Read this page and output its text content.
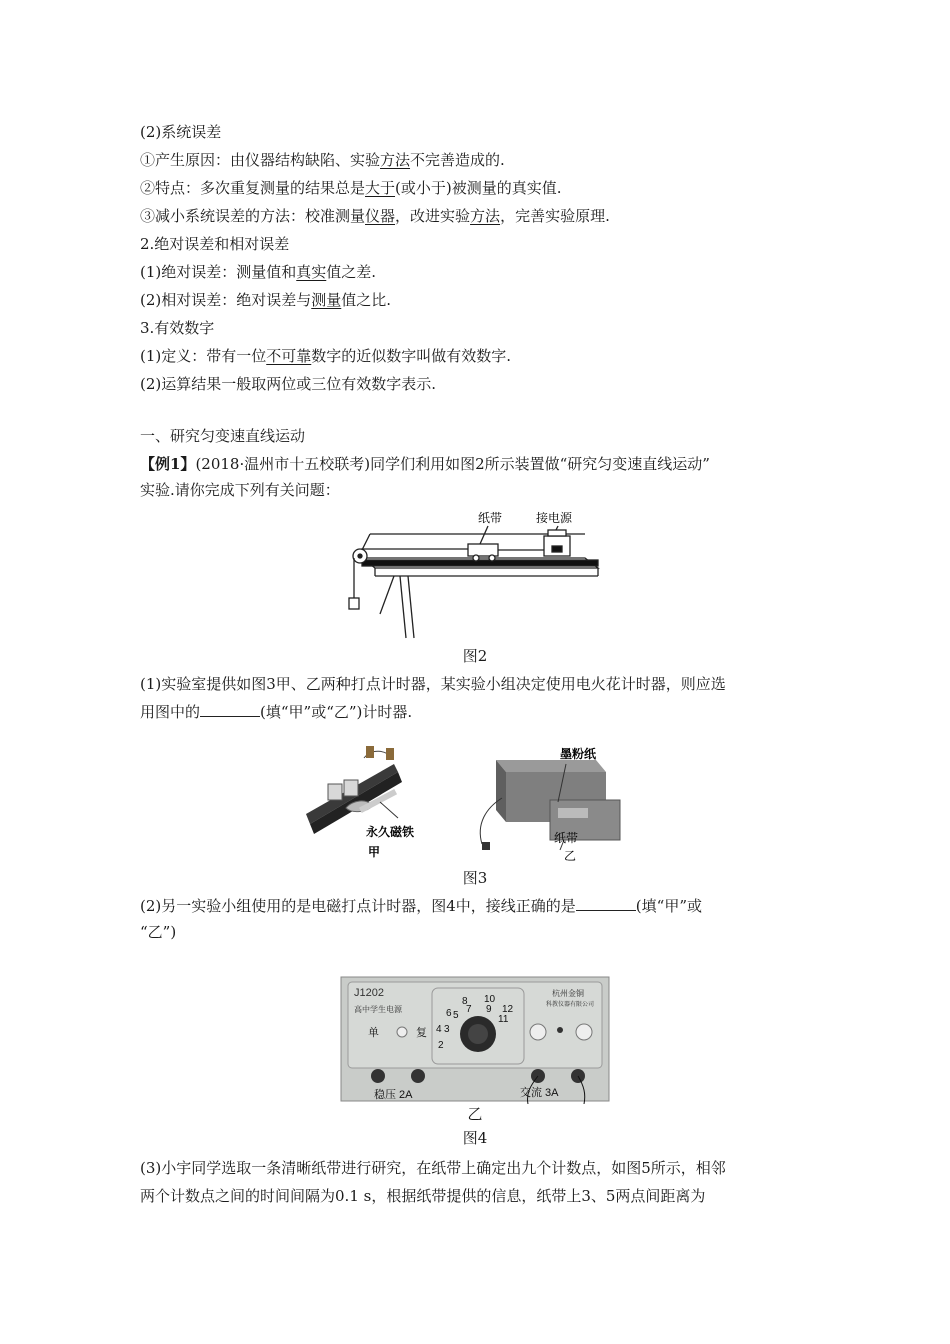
(2)系统误差
①产生原因：由仪器结构缺陷、实验方法不完善造成的.
②特点：多次重复测量的结果总是大于(或小于)被测量的真实值.
③减小系统误差的方法：校准测量仪器，改进实验方法，完善实验原理.
2.绝对误差和相对误差
(1)绝对误差：测量值和真实值之差.
(2)相对误差：绝对误差与测量值之比.
3.有效数字
(1)定义：带有一位不可靠数字的近似数字叫做有效数字.
(2)运算结果一般取两位或三位有效数字表示.
一、研究匀变速直线运动
【例1】(2018·温州市十五校联考)同学们利用如图2所示装置做“研究匀变速直线运动”
实验.请你完成下列有关问题：
纸带	接电源
图2
(1)实验室提供如图3甲、乙两种打点计时器，某实验小组决定使用电火花计时器，则应选
用图中的	(填“甲”或“乙”)计时器.
永久磁铁
墨粉纸
纸带
甲	乙
图3
(2)另一实验小组使用的是电磁打点计时器，图4中，接线正确的是	(填“甲”或
“乙”)
J1202
高中学生电源
单	复
2
4 3
6 5
8
7
10
9 12
11
杭州金铜
科教仪器有限公司
稳压 2A	交流 3A
乙
图4
(3)小宇同学选取一条清晰纸带进行研究，在纸带上确定出九个计数点，如图5所示，相邻
两个计数点之间的时间间隔为0.1 s，根据纸带提供的信息，纸带上3、5两点间距离为
